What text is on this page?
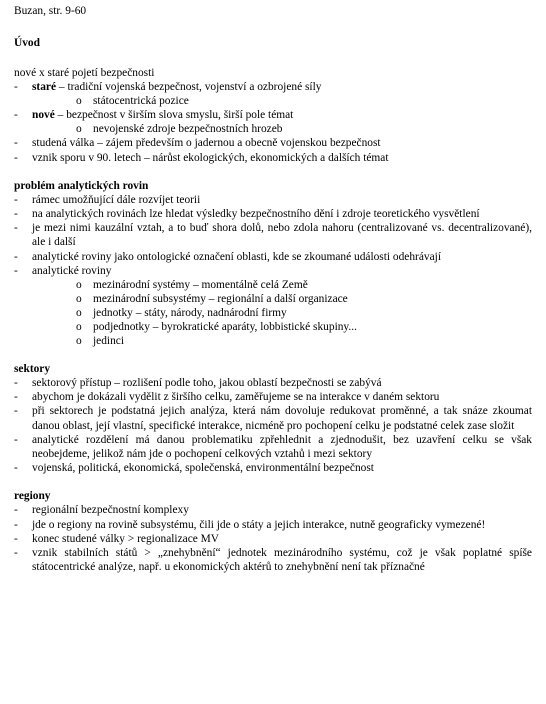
Buzan, str. 9-60
Úvod
nové x staré pojetí bezpečnosti
- staré – tradiční vojenská bezpečnost, vojenství a ozbrojené síly
o státocentrická pozice
- nové – bezpečnost v širším slova smyslu, širší pole témat
o nevojenské zdroje bezpečnostních hrozeb
- studená válka – zájem především o jadernou a obecně vojenskou bezpečnost
- vznik sporu v 90. letech – nárůst ekologických, ekonomických a dalších témat
problém analytických rovin
- rámec umožňující dále rozvíjet teorii
- na analytických rovinách lze hledat výsledky bezpečnostního dění i zdroje teoretického vysvětlení
- je mezi nimi kauzální vztah, a to buď shora dolů, nebo zdola nahoru (centralizované vs. decentralizované), ale i další
- analytické roviny jako ontologické označení oblasti, kde se zkoumané události odehrávají
- analytické roviny
o mezinárodní systémy – momentálně celá Země
o mezinárodní subsystémy – regionální a další organizace
o jednotky – státy, národy, nadnárodní firmy
o podjednotky – byrokratické aparáty, lobbistické skupiny...
o jedinci
sektory
- sektorový přístup – rozlišení podle toho, jakou oblastí bezpečnosti se zabývá
- abychom je dokázali vydělit z širšího celku, zaměřujeme se na interakce v daném sektoru
- při sektorech je podstatná jejich analýza, která nám dovoluje redukovat proměnné, a tak snáze zkoumat danou oblast, její vlastní, specifické interakce, nicméně pro pochopení celku je podstatné celek zase složit
- analytické rozdělení má danou problematiku zpřehlednit a zjednodušit, bez uzavření celku se však neobejdeme, jelikož nám jde o pochopení celkových vztahů i mezi sektory
- vojenská, politická, ekonomická, společenská, environmentální bezpečnost
regiony
- regionální bezpečnostní komplexy
- jde o regiony na rovině subsystému, čili jde o státy a jejich interakce, nutně geograficky vymezené!
- konec studené války > regionalizace MV
- vznik stabilních států > „znehybnění“ jednotek mezinárodního systému, což je však poplatné spíše státocentrické analýze, např. u ekonomických aktérů to znehybnění není tak příznačné
